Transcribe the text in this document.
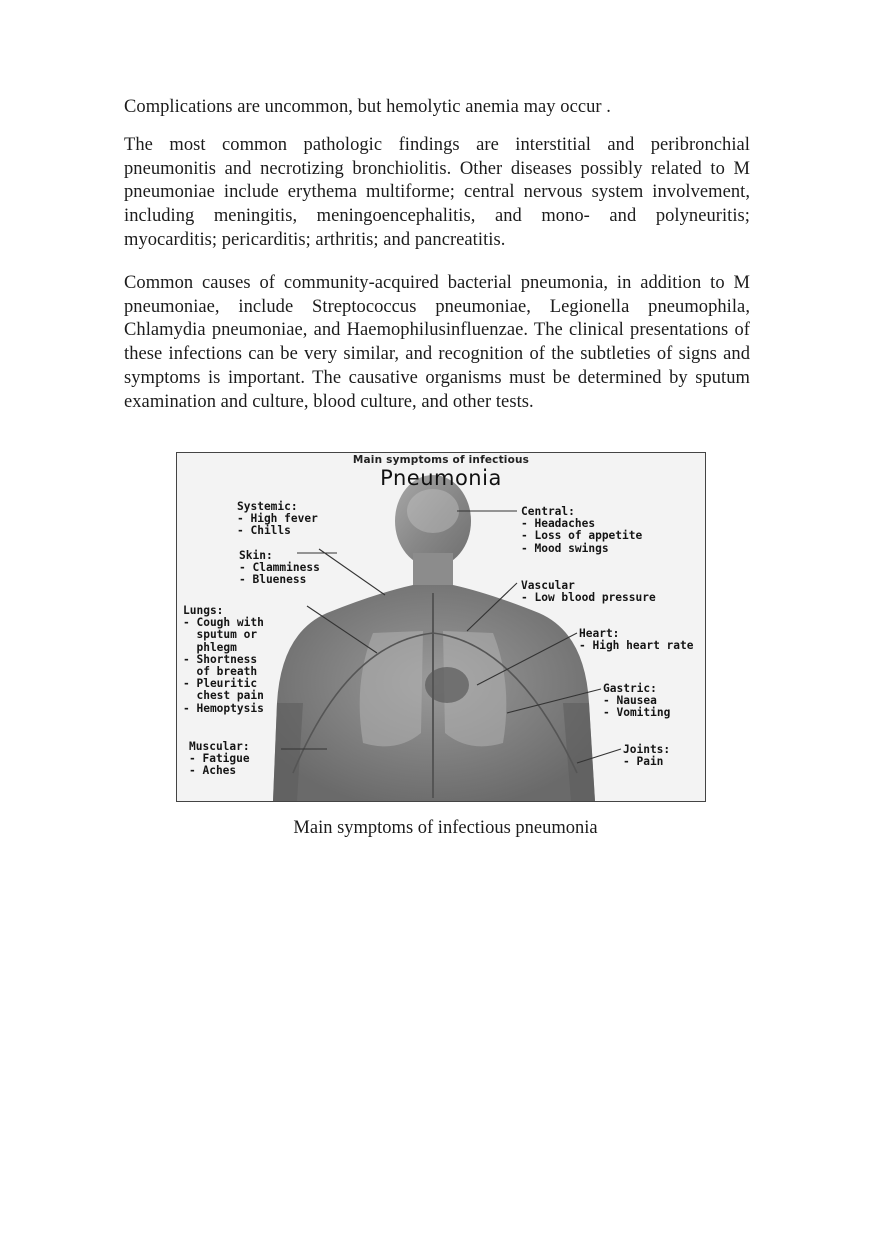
Complications are uncommon, but hemolytic anemia may occur .
The most common pathologic findings are interstitial and peribronchial pneumonitis and necrotizing bronchiolitis. Other diseases possibly related to M pneumoniae include erythema multiforme; central nervous system involvement, including meningitis, meningoencephalitis, and mono- and polyneuritis; myocarditis; pericarditis; arthritis; and pancreatitis.
Common causes of community-acquired bacterial pneumonia, in addition to M pneumoniae, include Streptococcus pneumoniae, Legionella pneumophila, Chlamydia pneumoniae, and Haemophilusinfluenzae. The clinical presentations of these infections can be very similar, and recognition of the subtleties of signs and symptoms is important. The causative organisms must be determined by sputum examination and culture, blood culture, and other tests.
Main symptoms of infectious
Pneumonia
Systemic:
- High fever
- Chills
Skin:
- Clamminess
- Blueness
Lungs:
- Cough with
sputum or
phlegm
- Shortness
of breath
- Pleuritic
chest pain
- Hemoptysis
Muscular:
- Fatigue
- Aches
Central:
- Headaches
- Loss of appetite
- Mood swings
Vascular
- Low blood pressure
Heart:
- High heart rate
Gastric:
- Nausea
- Vomiting
Joints:
- Pain
Main symptoms of infectious pneumonia
